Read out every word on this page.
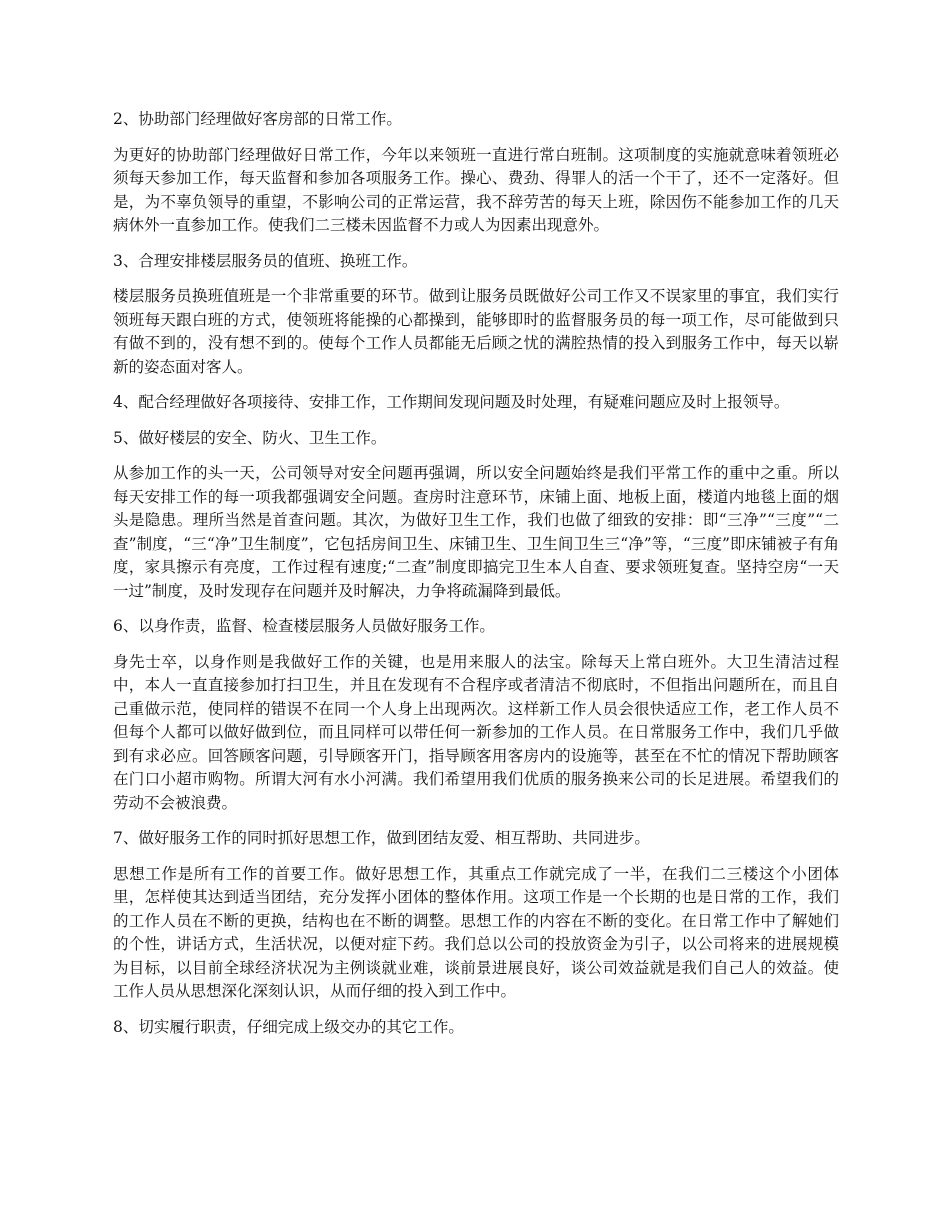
2、协助部门经理做好客房部的日常工作。

为更好的协助部门经理做好日常工作，今年以来领班一直进行常白班制。这项制度的实施就意味着领班必须每天参加工作，每天监督和参加各项服务工作。操心、费劲、得罪人的活一个干了，还不一定落好。但是，为不辜负领导的重望，不影响公司的正常运营，我不辞劳苦的每天上班，除因伤不能参加工作的几天病休外一直参加工作。使我们二三楼未因监督不力或人为因素出现意外。

3、合理安排楼层服务员的值班、换班工作。

楼层服务员换班值班是一个非常重要的环节。做到让服务员既做好公司工作又不误家里的事宜，我们实行领班每天跟白班的方式，使领班将能操的心都操到，能够即时的监督服务员的每一项工作，尽可能做到只有做不到的，没有想不到的。使每个工作人员都能无后顾之忧的满腔热情的投入到服务工作中，每天以崭新的姿态面对客人。

4、配合经理做好各项接待、安排工作，工作期间发现问题及时处理，有疑难问题应及时上报领导。

5、做好楼层的安全、防火、卫生工作。

从参加工作的头一天，公司领导对安全问题再强调，所以安全问题始终是我们平常工作的重中之重。所以每天安排工作的每一项我都强调安全问题。查房时注意环节，床铺上面、地板上面，楼道内地毯上面的烟头是隐患。理所当然是首查问题。其次，为做好卫生工作，我们也做了细致的安排：即“三净”“三度”“二查”制度，“三“净”卫生制度”，它包括房间卫生、床铺卫生、卫生间卫生三“净”等，“三度”即床铺被子有角度，家具擦示有亮度，工作过程有速度;“二查”制度即搞完卫生本人自查、要求领班复查。坚持空房“一天一过”制度，及时发现存在问题并及时解决，力争将疏漏降到最低。

6、以身作责，监督、检查楼层服务人员做好服务工作。

身先士卒，以身作则是我做好工作的关键，也是用来服人的法宝。除每天上常白班外。大卫生清洁过程中，本人一直直接参加打扫卫生，并且在发现有不合程序或者清洁不彻底时，不但指出问题所在，而且自己重做示范，使同样的错误不在同一个人身上出现两次。这样新工作人员会很快适应工作，老工作人员不但每个人都可以做好做到位，而且同样可以带任何一新参加的工作人员。在日常服务工作中，我们几乎做到有求必应。回答顾客问题，引导顾客开门，指导顾客用客房内的设施等，甚至在不忙的情况下帮助顾客在门口小超市购物。所谓大河有水小河满。我们希望用我们优质的服务换来公司的长足进展。希望我们的劳动不会被浪费。

7、做好服务工作的同时抓好思想工作，做到团结友爱、相互帮助、共同进步。

思想工作是所有工作的首要工作。做好思想工作，其重点工作就完成了一半，在我们二三楼这个小团体里，怎样使其达到适当团结，充分发挥小团体的整体作用。这项工作是一个长期的也是日常的工作，我们的工作人员在不断的更换，结构也在不断的调整。思想工作的内容在不断的变化。在日常工作中了解她们的个性，讲话方式，生活状况，以便对症下药。我们总以公司的投放资金为引子，以公司将来的进展规模为目标，以目前全球经济状况为主例谈就业难，谈前景进展良好，谈公司效益就是我们自己人的效益。使工作人员从思想深化深刻认识，从而仔细的投入到工作中。

8、切实履行职责，仔细完成上级交办的其它工作。
